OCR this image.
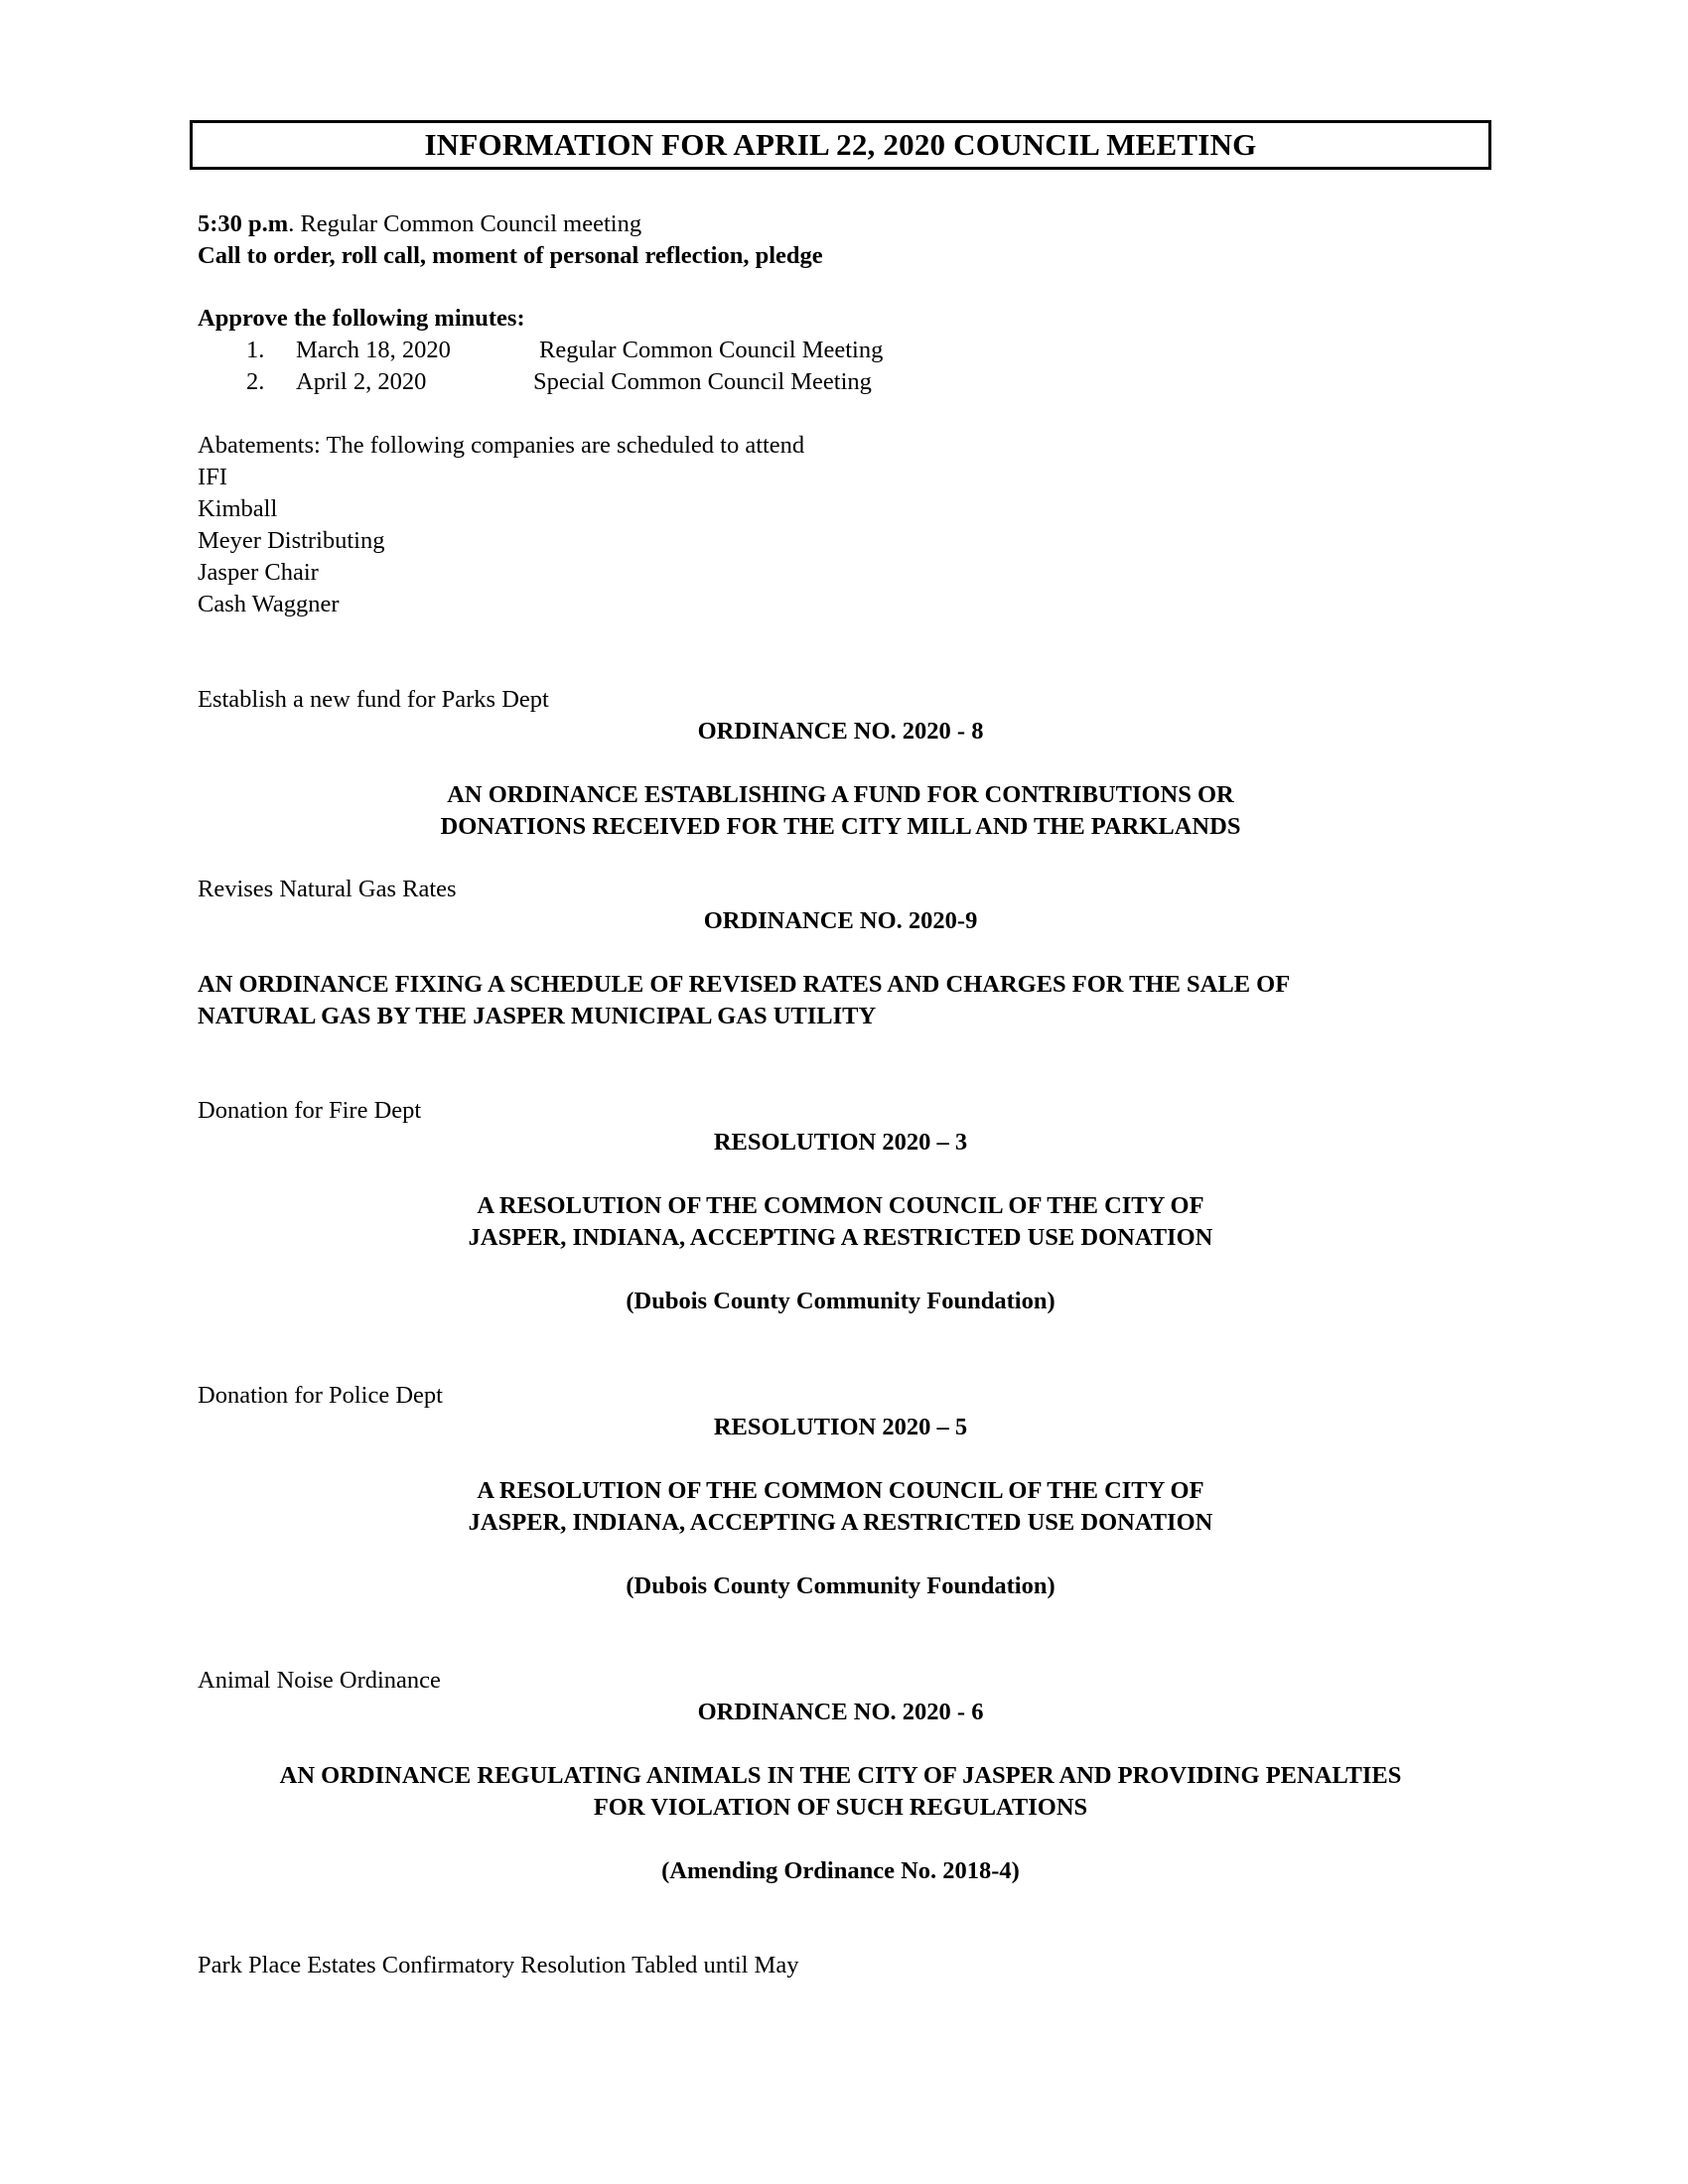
INFORMATION FOR APRIL 22, 2020 COUNCIL MEETING
5:30 p.m. Regular Common Council meeting
Call to order, roll call, moment of personal reflection, pledge
Approve the following minutes:
1. March 18, 2020	Regular Common Council Meeting
2. April 2, 2020	Special Common Council Meeting
Abatements: The following companies are scheduled to attend
IFI
Kimball
Meyer Distributing
Jasper Chair
Cash Waggner
Establish a new fund for Parks Dept
ORDINANCE NO. 2020 - 8
AN ORDINANCE ESTABLISHING A FUND FOR CONTRIBUTIONS OR
DONATIONS RECEIVED FOR THE CITY MILL AND THE PARKLANDS
Revises Natural Gas Rates
ORDINANCE NO. 2020-9
AN ORDINANCE FIXING A SCHEDULE OF REVISED RATES AND CHARGES FOR THE SALE OF
NATURAL GAS BY THE JASPER MUNICIPAL GAS UTILITY
Donation for Fire Dept
RESOLUTION 2020 – 3
A RESOLUTION OF THE COMMON COUNCIL OF THE CITY OF
JASPER, INDIANA, ACCEPTING A RESTRICTED USE DONATION
(Dubois County Community Foundation)
Donation for Police Dept
RESOLUTION 2020 – 5
A RESOLUTION OF THE COMMON COUNCIL OF THE CITY OF
JASPER, INDIANA, ACCEPTING A RESTRICTED USE DONATION
(Dubois County Community Foundation)
Animal Noise Ordinance
ORDINANCE NO. 2020 - 6
AN ORDINANCE REGULATING ANIMALS IN THE CITY OF JASPER AND PROVIDING PENALTIES
FOR VIOLATION OF SUCH REGULATIONS
(Amending Ordinance No. 2018-4)
Park Place Estates Confirmatory Resolution Tabled until May
